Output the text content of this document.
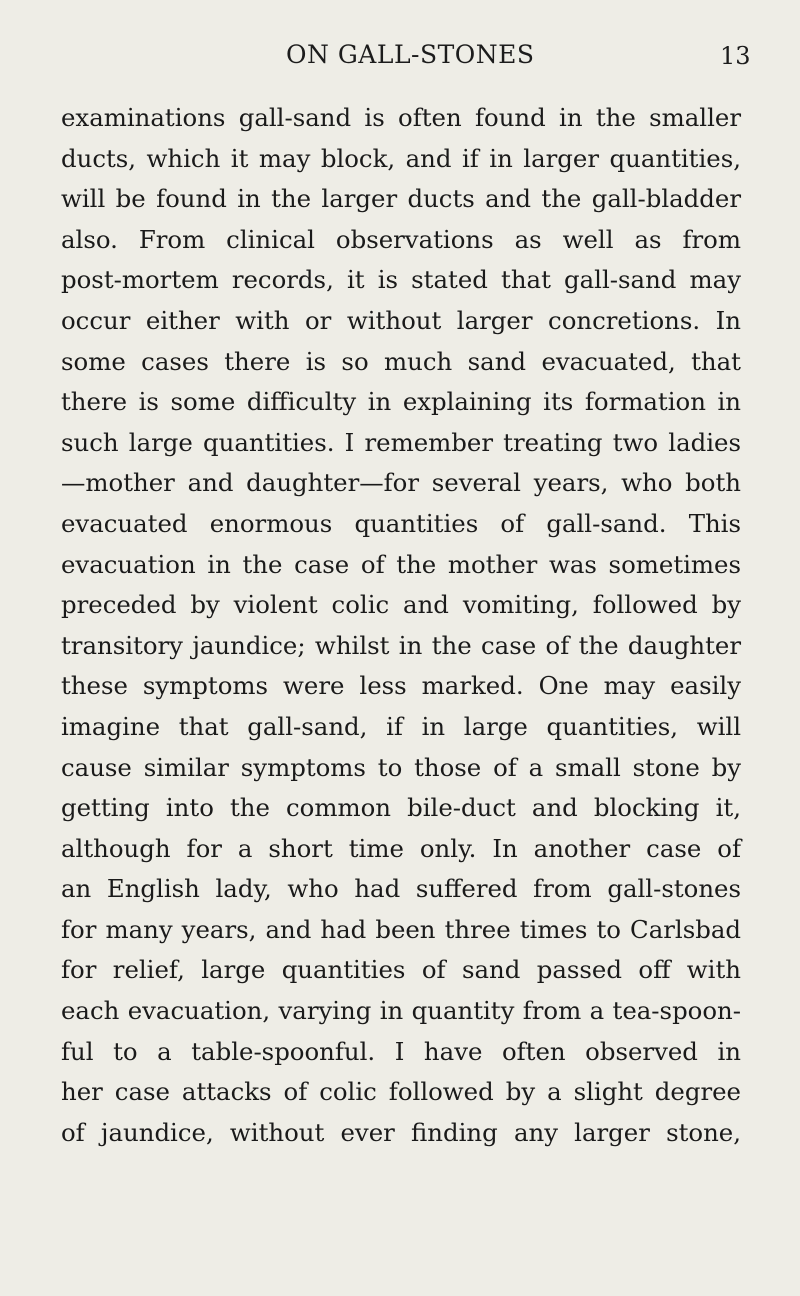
ON GALL-STONES	13
examinations gall-sand is often found in the smaller
ducts, which it may block, and if in larger quantities,
will be found in the larger ducts and the gall-bladder
also. From clinical observations as well as from
post-mortem records, it is stated that gall-sand may
occur either with or without larger concretions. In
some cases there is so much sand evacuated, that
there is some difficulty in explaining its formation in
such large quantities. I remember treating two ladies
—mother and daughter—for several years, who both
evacuated enormous quantities of gall-sand. This
evacuation in the case of the mother was sometimes
preceded by violent colic and vomiting, followed by
transitory jaundice; whilst in the case of the daughter
these symptoms were less marked. One may easily
imagine that gall-sand, if in large quantities, will
cause similar symptoms to those of a small stone by
getting into the common bile-duct and blocking it,
although for a short time only. In another case of
an English lady, who had suffered from gall-stones
for many years, and had been three times to Carlsbad
for relief, large quantities of sand passed off with
each evacuation, varying in quantity from a tea-spoon-
ful to a table-spoonful. I have often observed in
her case attacks of colic followed by a slight degree
of jaundice, without ever finding any larger stone,
